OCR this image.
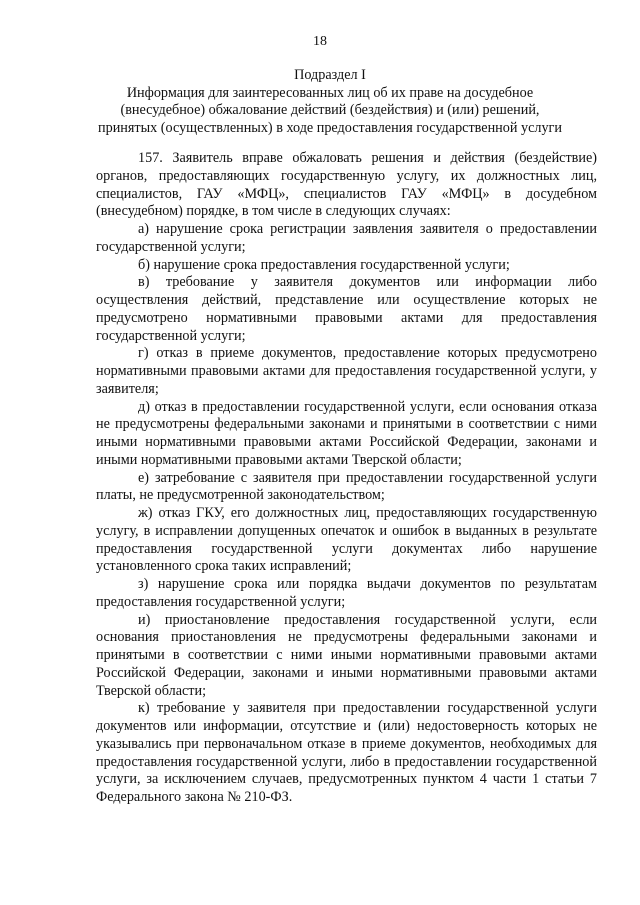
18
Подраздел I
Информация для заинтересованных лиц об их праве на досудебное
(внесудебное) обжалование действий (бездействия) и (или) решений,
принятых (осуществленных) в ходе предоставления государственной услуги

157. Заявитель вправе обжаловать решения и действия (бездействие) органов, предоставляющих государственную услугу, их должностных лиц, специалистов, ГАУ «МФЦ», специалистов ГАУ «МФЦ» в досудебном (внесудебном) порядке, в том числе в следующих случаях:

а) нарушение срока регистрации заявления заявителя о предоставлении государственной услуги;

б) нарушение срока предоставления государственной услуги;

в) требование у заявителя документов или информации либо осуществления действий, представление или осуществление которых не предусмотрено нормативными правовыми актами для предоставления государственной услуги;

г) отказ в приеме документов, предоставление которых предусмотрено нормативными правовыми актами для предоставления государственной услуги, у заявителя;

д) отказ в предоставлении государственной услуги, если основания отказа не предусмотрены федеральными законами и принятыми в соответствии с ними иными нормативными правовыми актами Российской Федерации, законами и иными нормативными правовыми актами Тверской области;

е) затребование с заявителя при предоставлении государственной услуги платы, не предусмотренной законодательством;

ж) отказ ГКУ, его должностных лиц, предоставляющих государственную услугу, в исправлении допущенных опечаток и ошибок в выданных в результате предоставления государственной услуги документах либо нарушение установленного срока таких исправлений;

з) нарушение срока или порядка выдачи документов по результатам предоставления государственной услуги;

и) приостановление предоставления государственной услуги, если основания приостановления не предусмотрены федеральными законами и принятыми в соответствии с ними иными нормативными правовыми актами Российской Федерации, законами и иными нормативными правовыми актами Тверской области;

к) требование у заявителя при предоставлении государственной услуги документов или информации, отсутствие и (или) недостоверность которых не указывались при первоначальном отказе в приеме документов, необходимых для предоставления государственной услуги, либо в предоставлении государственной услуги, за исключением случаев, предусмотренных пунктом 4 части 1 статьи 7 Федерального закона № 210-ФЗ.
